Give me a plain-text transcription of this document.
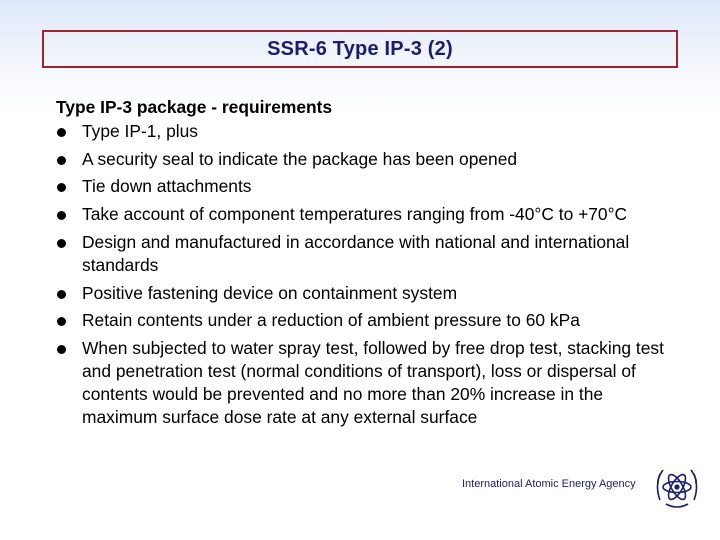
SSR-6 Type IP-3 (2)
Type IP-3 package - requirements
Type IP-1, plus
A security seal to indicate the package has been opened
Tie down attachments
Take account of component temperatures ranging from -40°C to +70°C
Design and manufactured in accordance with national and international standards
Positive fastening device on containment system
Retain contents under a reduction of ambient pressure to 60 kPa
When subjected to water spray test, followed by free drop test, stacking test and penetration test (normal conditions of transport), loss or dispersal of contents would be prevented and no more than 20% increase in the maximum surface dose rate at any external surface
International Atomic Energy Agency
